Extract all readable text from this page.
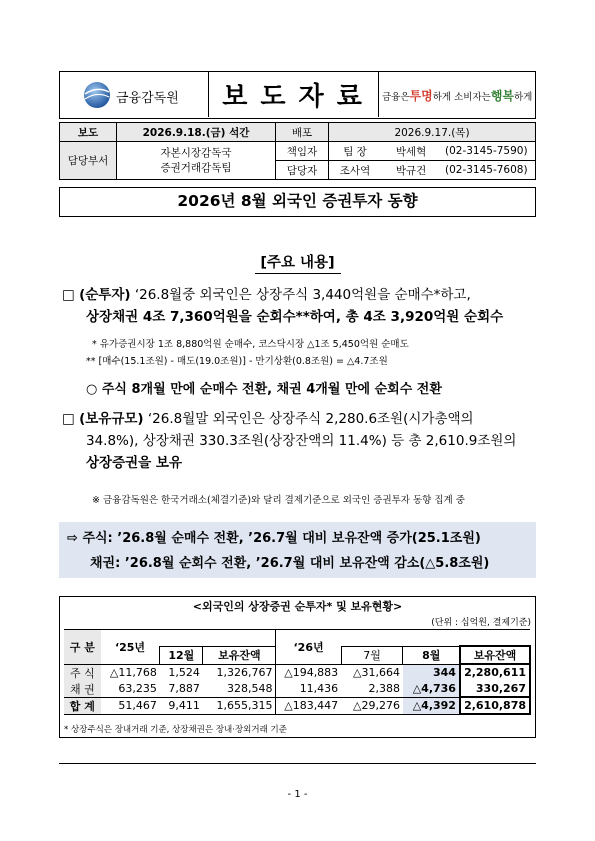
금융감독원	보 도 자 료	금융은투명하게 소비자는행복하게
보도	2026.9.18.(금) 석간	배포	2026.9.17.(목)		
담당부서	자본시장감독국
증권거래감독팀	책임자	팀 장	박세혁	(02-3145-7590)
		담당자	조사역	박규건	(02-3145-7608)
2026년 8월 외국인 증권투자 동향
[주요 내용]
□ (순투자) ‘26.8월중 외국인은 상장주식 3,440억원을 순매수*하고,
상장채권 4조 7,360억원을 순회수**하여, 총 4조 3,920억원 순회수
* 유가증권시장 1조 8,880억원 순매수, 코스닥시장 △1조 5,450억원 순매도
** [매수(15.1조원) - 매도(19.0조원)] - 만기상환(0.8조원) = △4.7조원
○ 주식 8개월 만에 순매수 전환, 채권 4개월 만에 순회수 전환
□ (보유규모) ‘26.8월말 외국인은 상장주식 2,280.6조원(시가총액의
34.8%), 상장채권 330.3조원(상장잔액의 11.4%) 등 총 2,610.9조원의
상장증권을 보유
※ 금융감독원은 한국거래소(체결기준)와 달리 결제기준으로 외국인 증권투자 동향 집계 중
⇨ 주식: ’26.8월 순매수 전환, ’26.7월 대비 보유잔액 증가(25.1조원)
채권: ’26.8월 순회수 전환, ’26.7월 대비 보유잔액 감소(△5.8조원)
<외국인의 상장증권 순투자* 및 보유현황>
(단위 : 십억원, 결제기준)
구 분	‘25년			‘26년			
		12월	보유잔액		7월	8월	보유잔액
주 식	△11,768	1,524	1,326,767	△194,883	△31,664	344	2,280,611
채 권	63,235	7,887	328,548	11,436	2,388	△4,736	330,267
합 계	51,467	9,411	1,655,315	△183,447	△29,276	△4,392	2,610,878
* 상장주식은 장내거래 기준, 상장채권은 장내·장외거래 기준
- 1 -
